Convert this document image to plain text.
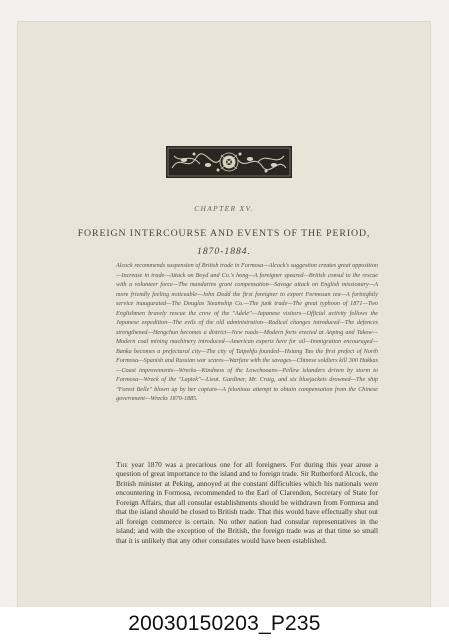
CHAPTER XV.
FOREIGN INTERCOURSE AND EVENTS OF THE PERIOD,
1870-1884.
Alcock recommends suspension of British trade in Formosa—Alcock's suggestion creates great opposition—Increase in trade—Attack on Boyd and Co.'s hong—A foreigner speared—British consul to the rescue with a volunteer force—The mandarins grant compensation—Savage attack on English missionary—A more friendly feeling noticeable—John Dodd the first foreigner to export Formosan tea—A fortnightly service inaugurated—The Douglas Steamship Co.—The junk trade—The great typhoon of 1871—Two Englishmen bravely rescue the crew of the "Adele"—Japanese visitors—Official activity follows the Japanese expedition—The evils of the old administration—Radical changes introduced—The defences strengthened—Hengchun becomes a district—New roads—Modern forts erected at Anping and Takow—Modern coal mining machinery introduced—American experts here for oil—Immigration encouraged—Banka becomes a prefectural city—The city of Taipehfu founded—Hsiang Tao the first prefect of North Formosa—Spanish and Russian war scares—Warfare with the savages—Chinese soldiers kill 300 Hakkas—Coast improvements—Wrecks—Kindness of the Lowchooans—Pellew islanders driven by storm to Formosa—Wreck of the "Laptek"—Lieut. Gardiner, Mr. Craig, and six bluejackets drowned—The ship "Forest Belle" blown up by her captain—A felonious attempt to obtain compensation from the Chinese government—Wrecks 1870-1885.
The year 1870 was a precarious one for all foreigners. For during this year arose a question of great importance to the island and to foreign trade. Sir Rutherford Alcock, the British minister at Peking, annoyed at the constant difficulties which his nationals were encountering in Formosa, recommended to the Earl of Clarendon, Secretary of State for Foreign Affairs, that all consular establishments should be withdrawn from Formosa and that the island should be closed to British trade. That this would have effectually shut out all foreign commerce is certain. No other nation had consular representatives in the island; and with the exception of the British, the foreign trade was at that time so small that it is unlikely that any other consulates would have been established.
20030150203_P235
